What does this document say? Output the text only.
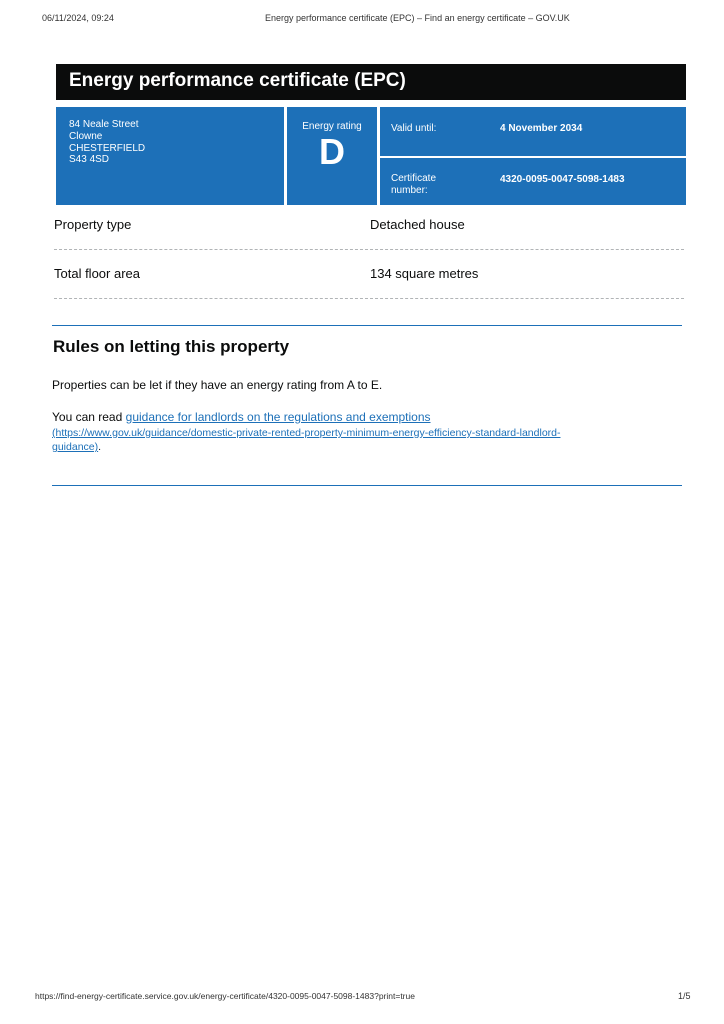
06/11/2024, 09:24	Energy performance certificate (EPC) – Find an energy certificate – GOV.UK
Energy performance certificate (EPC)
84 Neale Street
Clowne
CHESTERFIELD
S43 4SD
Energy rating
D
Valid until:	4 November 2034
Certificate
number:
4320-0095-0047-5098-1483
Property type	Detached house
Total floor area	134 square metres
Rules on letting this property
Properties can be let if they have an energy rating from A to E.
You can read guidance for landlords on the regulations and exemptions
(https://www.gov.uk/guidance/domestic-private-rented-property-minimum-energy-efficiency-standard-landlord-
guidance).
https://find-energy-certificate.service.gov.uk/energy-certificate/4320-0095-0047-5098-1483?print=true	1/5
